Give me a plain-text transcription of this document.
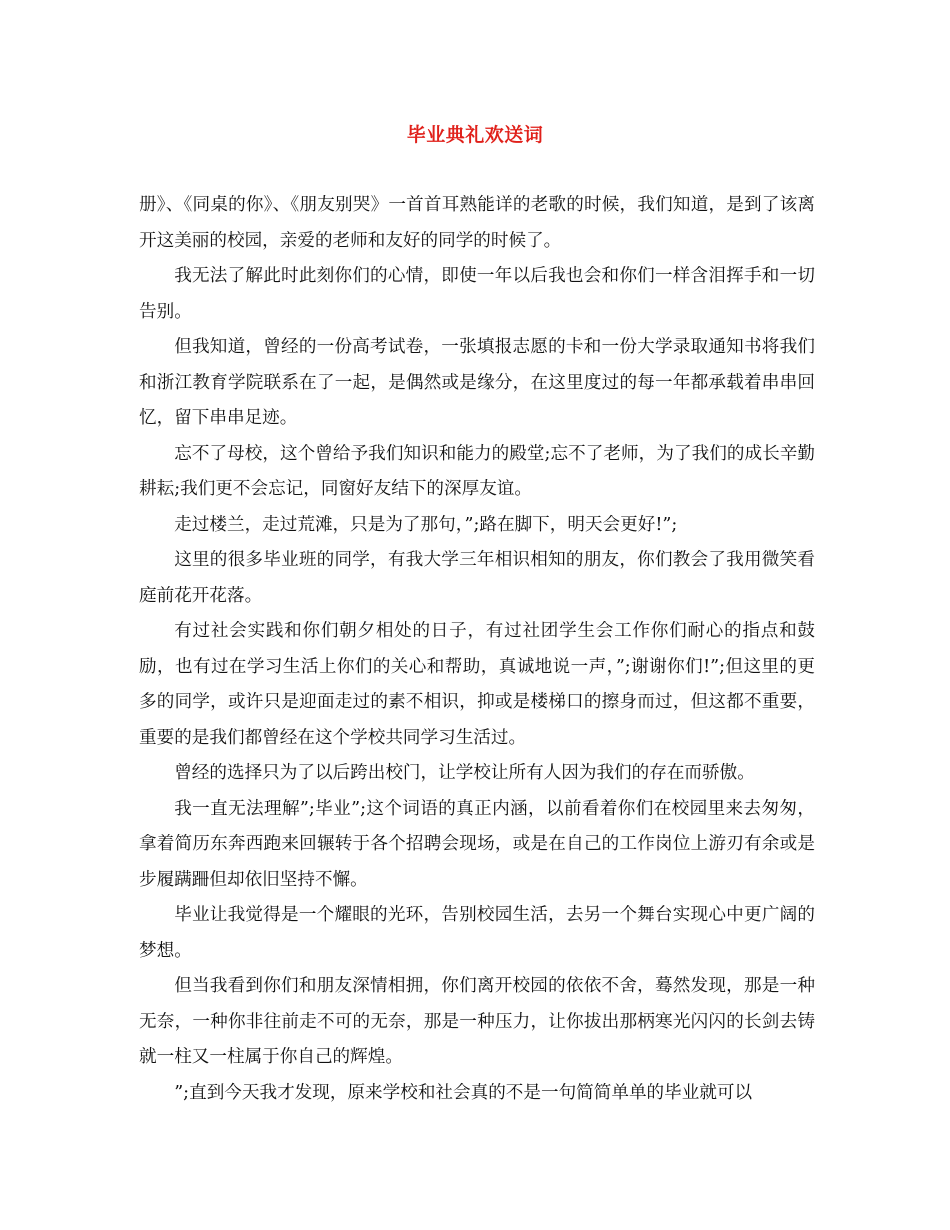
毕业典礼欢送词

册》、《同桌的你》、《朋友别哭》一首首耳熟能详的老歌的时候，我们知道，是到了该离开这美丽的校园，亲爱的老师和友好的同学的时候了。

我无法了解此时此刻你们的心情，即使一年以后我也会和你们一样含泪挥手和一切告别。

但我知道，曾经的一份高考试卷，一张填报志愿的卡和一份大学录取通知书将我们和浙江教育学院联系在了一起，是偶然或是缘分，在这里度过的每一年都承载着串串回忆，留下串串足迹。

忘不了母校，这个曾给予我们知识和能力的殿堂;忘不了老师，为了我们的成长辛勤耕耘;我们更不会忘记，同窗好友结下的深厚友谊。

走过楼兰，走过荒滩，只是为了那句，”;路在脚下，明天会更好!”;

这里的很多毕业班的同学，有我大学三年相识相知的朋友，你们教会了我用微笑看庭前花开花落。

有过社会实践和你们朝夕相处的日子，有过社团学生会工作你们耐心的指点和鼓励，也有过在学习生活上你们的关心和帮助，真诚地说一声，”;谢谢你们!”;但这里的更多的同学，或许只是迎面走过的素不相识，抑或是楼梯口的擦身而过，但这都不重要，重要的是我们都曾经在这个学校共同学习生活过。

曾经的选择只为了以后跨出校门，让学校让所有人因为我们的存在而骄傲。

我一直无法理解”;毕业”;这个词语的真正内涵，以前看着你们在校园里来去匆匆，拿着简历东奔西跑来回辗转于各个招聘会现场，或是在自己的工作岗位上游刃有余或是步履蹒跚但却依旧坚持不懈。

毕业让我觉得是一个耀眼的光环，告别校园生活，去另一个舞台实现心中更广阔的梦想。

但当我看到你们和朋友深情相拥，你们离开校园的依依不舍，蓦然发现，那是一种无奈，一种你非往前走不可的无奈，那是一种压力，让你拔出那柄寒光闪闪的长剑去铸就一柱又一柱属于你自己的辉煌。

”;直到今天我才发现，原来学校和社会真的不是一句简简单单的毕业就可以
